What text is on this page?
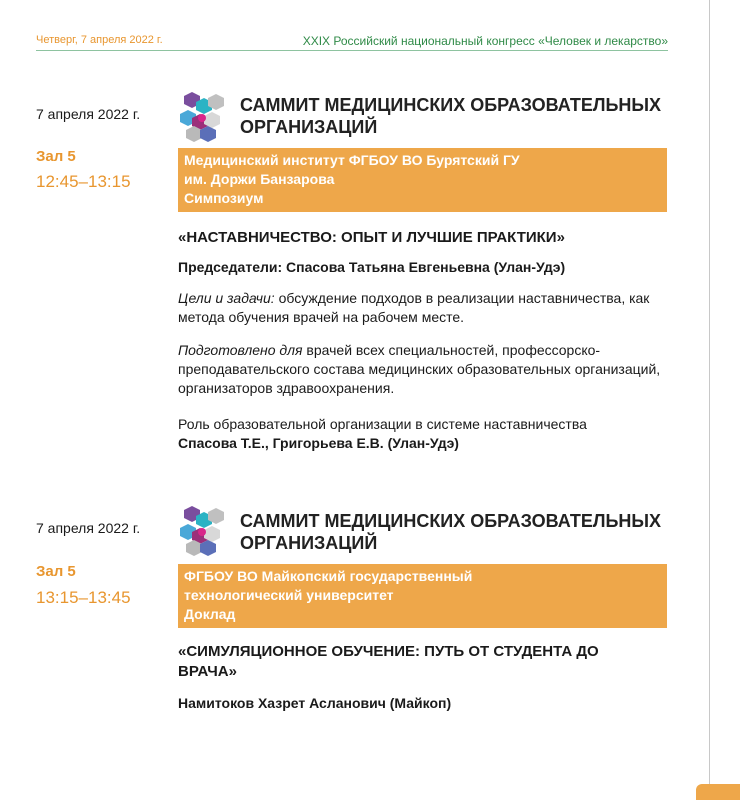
Четверг, 7 апреля 2022 г.	XXIX Российский национальный конгресс «Человек и лекарство»
7 апреля 2022 г.
Зал 5
12:45–13:15
САММИТ МЕДИЦИНСКИХ ОБРАЗОВАТЕЛЬНЫХ
ОРГАНИЗАЦИЙ
Медицинский институт ФГБОУ ВО Бурятский ГУ
им. Доржи Банзарова
Симпозиум
«НАСТАВНИЧЕСТВО: ОПЫТ И ЛУЧШИЕ ПРАКТИКИ»
Председатели: Спасова Татьяна Евгеньевна (Улан-Удэ)
Цели и задачи: обсуждение подходов в реализации наставничества, как метода обучения врачей на рабочем месте.
Подготовлено для врачей всех специальностей, профессорско-преподавательского состава медицинских образовательных организаций, организаторов здравоохранения.
Роль образовательной организации в системе наставничества
Спасова Т.Е., Григорьева Е.В. (Улан-Удэ)
7 апреля 2022 г.
Зал 5
13:15–13:45
САММИТ МЕДИЦИНСКИХ ОБРАЗОВАТЕЛЬНЫХ
ОРГАНИЗАЦИЙ
ФГБОУ ВО Майкопский государственный
технологический университет
Доклад
«СИМУЛЯЦИОННОЕ ОБУЧЕНИЕ: ПУТЬ ОТ СТУДЕНТА ДО
ВРАЧА»
Намитоков Хазрет Асланович (Майкоп)
